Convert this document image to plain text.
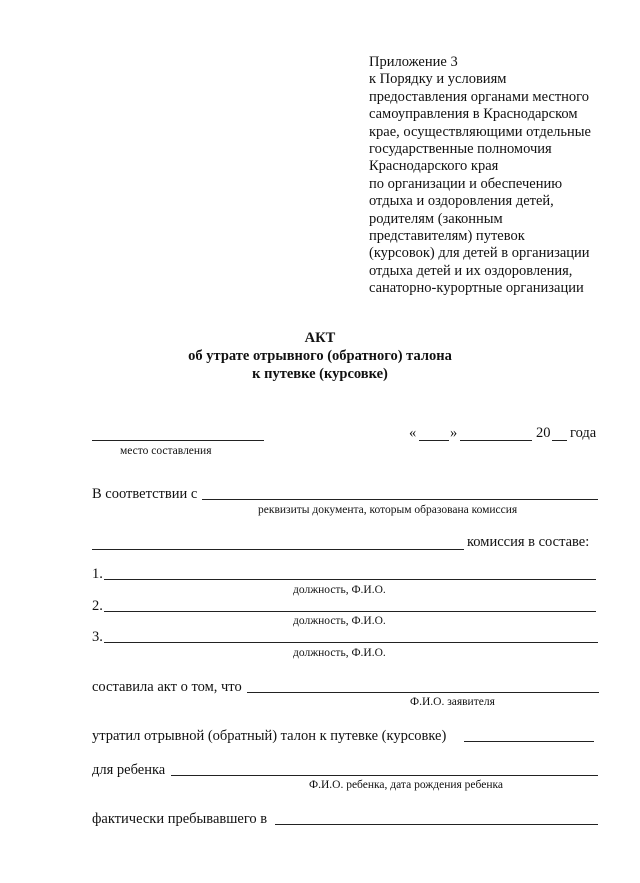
Приложение 3
к Порядку и условиям
предоставления органами местного
самоуправления в Краснодарском
крае, осуществляющими отдельные
государственные полномочия
Краснодарского края
по организации и обеспечению
отдыха и оздоровления детей,
родителям (законным
представителям) путевок
(курсовок) для детей в организации
отдыха детей и их оздоровления,
санаторно-курортные организации
АКТ
об утрате отрывного (обратного) талона
к путевке (курсовке)
место составления
« »	20 года
В соответствии с
реквизиты документа, которым образована комиссия
комиссия в составе:
1.
должность, Ф.И.О.
2.
должность, Ф.И.О.
3.
должность, Ф.И.О.
составила акт о том, что
Ф.И.О. заявителя
утратил отрывной (обратный) талон к путевке (курсовке)
для ребенка
Ф.И.О. ребенка, дата рождения ребенка
фактически пребывавшего в
